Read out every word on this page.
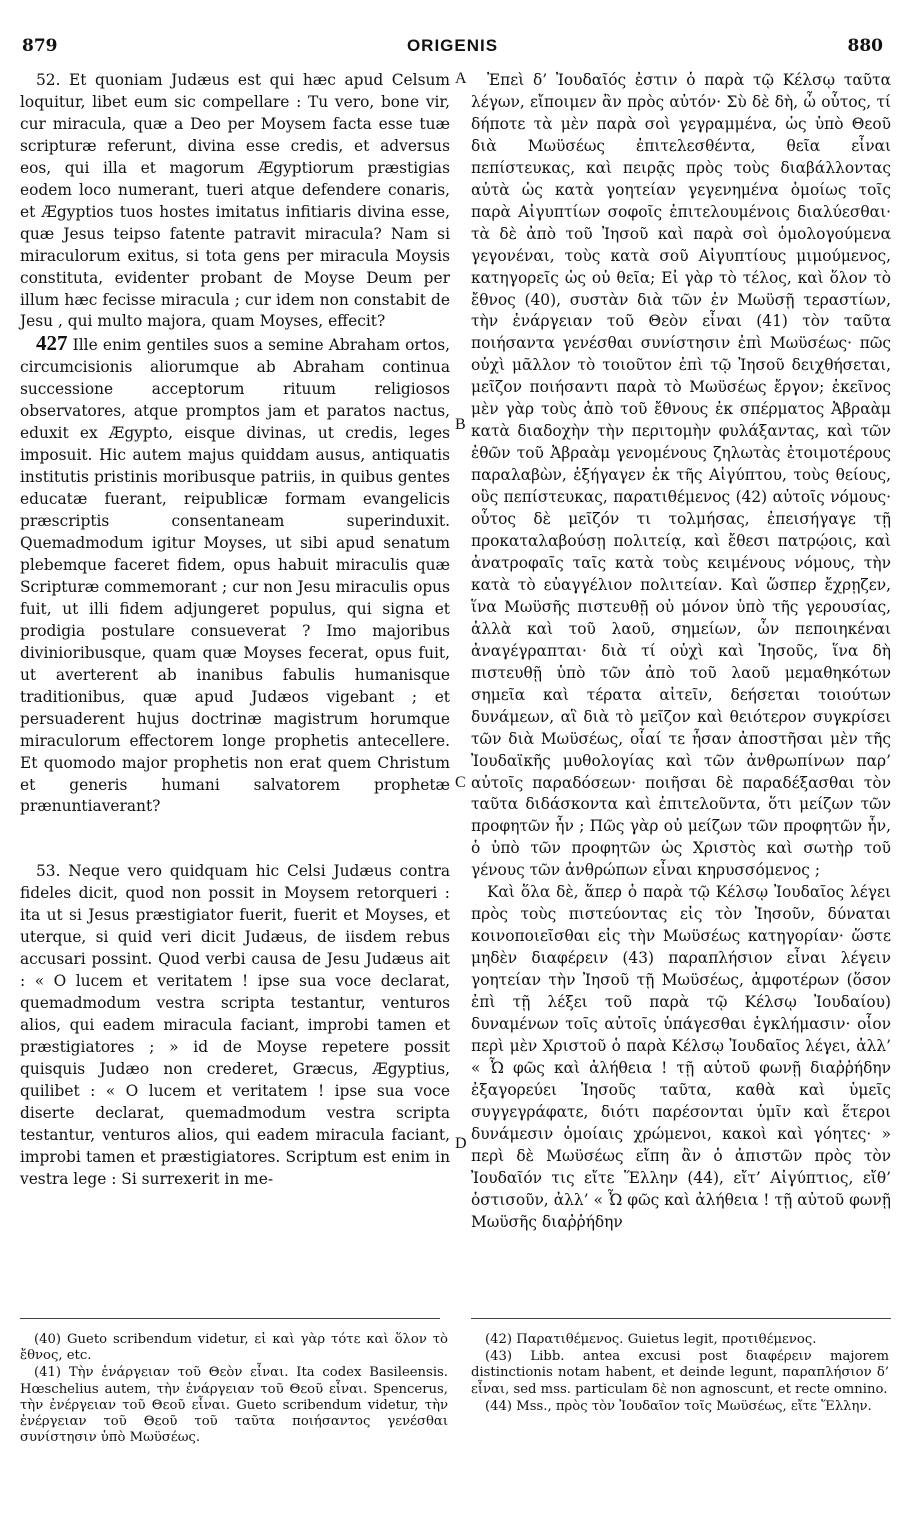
879	ORIGENIS	880

52. Et quoniam Judæus est qui hæc apud Celsum loquitur, libet eum sic compellare : Tu vero, bone vir, cur miracula, quæ a Deo per Moysem facta esse tuæ scripturæ referunt, divina esse credis, et adversus eos, qui illa et magorum Ægyptiorum præstigias eodem loco numerant, tueri atque defendere conaris, et Ægyptios tuos hostes imitatus infitiaris divina esse, quæ Jesus teipso fatente patravit miracula? Nam si miraculorum exitus, si tota gens per miracula Moysis constituta, evidenter probant de Moyse Deum per illum hæc fecisse miracula ; cur idem non constabit de Jesu , qui multo majora, quam Moyses, effecit?

427 Ille enim gentiles suos a semine Abraham ortos, circumcisionis aliorumque ab Abraham continua successione acceptorum rituum religiosos observatores, atque promptos jam et paratos nactus, eduxit ex Ægypto, eisque divinas, ut credis, leges imposuit. Hic autem majus quiddam ausus, antiquatis institutis pristinis moribusque patriis, in quibus gentes educatæ fuerant, reipublicæ formam evangelicis præscriptis consentaneam superinduxit. Quemadmodum igitur Moyses, ut sibi apud senatum plebemque faceret fidem, opus habuit miraculis quæ Scripturæ commemorant ; cur non Jesu miraculis opus fuit, ut illi fidem adjungeret populus, qui signa et prodigia postulare consueverat ? Imo majoribus divinioribusque, quam quæ Moyses fecerat, opus fuit, ut averterent ab inanibus fabulis humanisque traditionibus, quæ apud Judæos vigebant ; et persuaderent hujus doctrinæ magistrum horumque miraculorum effectorem longe prophetis antecellere. Et quomodo major prophetis non erat quem Christum et generis humani salvatorem prophetæ prænuntiaverant?

53. Neque vero quidquam hic Celsi Judæus contra fideles dicit, quod non possit in Moysem retorqueri : ita ut si Jesus præstigiator fuerit, fuerit et Moyses, et uterque, si quid veri dicit Judæus, de iisdem rebus accusari possint. Quod verbi causa de Jesu Judæus ait : « O lucem et veritatem ! ipse sua voce declarat, quemadmodum vestra scripta testantur, venturos alios, qui eadem miracula faciant, improbi tamen et præstigiatores ; » id de Moyse repetere possit quisquis Judæo non crederet, Græcus, Ægyptius, quilibet : « O lucem et veritatem ! ipse sua voce diserte declarat, quemadmodum vestra scripta testantur, venturos alios, qui eadem miracula faciant, improbi tamen et præstigiatores. Scriptum est enim in vestra lege : Si surrexerit in me-

A
B
C
D

Ἐπεὶ δ’ Ἰουδαῖός ἐστιν ὁ παρὰ τῷ Κέλσῳ ταῦτα λέγων, εἴποιμεν ἂν πρὸς αὐτόν· Σὺ δὲ δὴ, ὦ οὗτος, τί δήποτε τὰ μὲν παρὰ σοὶ γεγραμμένα, ὡς ὑπὸ Θεοῦ διὰ Μωϋσέως ἐπιτελεσθέντα, θεῖα εἶναι πεπίστευκας, καὶ πειρᾷς πρὸς τοὺς διαβάλλοντας αὐτὰ ὡς κατὰ γοητείαν γεγενημένα ὁμοίως τοῖς παρὰ Αἰγυπτίων σοφοῖς ἐπιτελουμένοις διαλύεσθαι· τὰ δὲ ἀπὸ τοῦ Ἰησοῦ καὶ παρὰ σοὶ ὁμολογούμενα γεγονέναι, τοὺς κατὰ σοῦ Αἰγυπτίους μιμούμενος, κατηγορεῖς ὡς οὐ θεῖα; Εἰ γὰρ τὸ τέλος, καὶ ὅλον τὸ ἔθνος (40), συστὰν διὰ τῶν ἐν Μωϋσῇ τεραστίων, τὴν ἐνάργειαν τοῦ Θεὸν εἶναι (41) τὸν ταῦτα ποιήσαντα γενέσθαι συνίστησιν ἐπὶ Μωϋσέως· πῶς οὐχὶ μᾶλλον τὸ τοιοῦτον ἐπὶ τῷ Ἰησοῦ δειχθήσεται, μεῖζον ποιήσαντι παρὰ τὸ Μωϋσέως ἔργον; ἐκεῖνος μὲν γὰρ τοὺς ἀπὸ τοῦ ἔθνους ἐκ σπέρματος Ἀβραὰμ κατὰ διαδοχὴν τὴν περιτομὴν φυλάξαντας, καὶ τῶν ἐθῶν τοῦ Ἀβραὰμ γενομένους ζηλωτὰς ἑτοιμοτέρους παραλαβὼν, ἐξήγαγεν ἐκ τῆς Αἰγύπτου, τοὺς θείους, οὓς πεπίστευκας, παρατιθέμενος (42) αὐτοῖς νόμους· οὗτος δὲ μεῖζόν τι τολμήσας, ἐπεισήγαγε τῇ προκαταλαβούσῃ πολιτείᾳ, καὶ ἔθεσι πατρῴοις, καὶ ἀνατροφαῖς ταῖς κατὰ τοὺς κειμένους νόμους, τὴν κατὰ τὸ εὐαγγέλιον πολιτείαν. Καὶ ὥσπερ ἔχρῃζεν, ἵνα Μωϋσῆς πιστευθῇ οὐ μόνον ὑπὸ τῆς γερουσίας, ἀλλὰ καὶ τοῦ λαοῦ, σημείων, ὧν πεποιηκέναι ἀναγέγραπται· διὰ τί οὐχὶ καὶ Ἰησοῦς, ἵνα δὴ πιστευθῇ ὑπὸ τῶν ἀπὸ τοῦ λαοῦ μεμαθηκότων σημεῖα καὶ τέρατα αἰτεῖν, δεήσεται τοιούτων δυνάμεων, αἳ διὰ τὸ μεῖζον καὶ θειότερον συγκρίσει τῶν διὰ Μωϋσέως, οἷαί τε ἦσαν ἀποστῆσαι μὲν τῆς Ἰουδαϊκῆς μυθολογίας καὶ τῶν ἀνθρωπίνων παρ’ αὐτοῖς παραδόσεων· ποιῆσαι δὲ παραδέξασθαι τὸν ταῦτα διδάσκοντα καὶ ἐπιτελοῦντα, ὅτι μείζων τῶν προφητῶν ἦν ; Πῶς γὰρ οὐ μείζων τῶν προφητῶν ἦν, ὁ ὑπὸ τῶν προφητῶν ὡς Χριστὸς καὶ σωτὴρ τοῦ γένους τῶν ἀνθρώπων εἶναι κηρυσσόμενος ;

Καὶ ὅλα δὲ, ἅπερ ὁ παρὰ τῷ Κέλσῳ Ἰουδαῖος λέγει πρὸς τοὺς πιστεύοντας εἰς τὸν Ἰησοῦν, δύναται κοινοποιεῖσθαι εἰς τὴν Μωϋσέως κατηγορίαν· ὥστε μηδὲν διαφέρειν (43) παραπλήσιον εἶναι λέγειν γοητείαν τὴν Ἰησοῦ τῇ Μωϋσέως, ἀμφοτέρων (ὅσον ἐπὶ τῇ λέξει τοῦ παρὰ τῷ Κέλσῳ Ἰουδαίου) δυναμένων τοῖς αὐτοῖς ὑπάγεσθαι ἐγκλήμασιν· οἷον περὶ μὲν Χριστοῦ ὁ παρὰ Κέλσῳ Ἰουδαῖος λέγει, ἀλλ’ « Ὦ φῶς καὶ ἀλήθεια ! τῇ αὐτοῦ φωνῇ διαῤῥήδην ἐξαγορεύει Ἰησοῦς ταῦτα, καθὰ καὶ ὑμεῖς συγγεγράφατε, διότι παρέσονται ὑμῖν καὶ ἕτεροι δυνάμεσιν ὁμοίαις χρώμενοι, κακοὶ καὶ γόητες· » περὶ δὲ Μωϋσέως εἴπη ἂν ὁ ἀπιστῶν πρὸς τὸν Ἰουδαῖόν τις εἴτε Ἕλλην (44), εἴτ’ Αἰγύπτιος, εἴθ’ ὁστισοῦν, ἀλλ’ « Ὦ φῶς καὶ ἀλήθεια ! τῇ αὐτοῦ φωνῇ Μωϋσῆς διαῤῥήδην

(40) Gueto scribendum videtur, εἰ καὶ γὰρ τότε καὶ ὅλον τὸ ἔθνος, etc.

(41) Τὴν ἐνάργειαν τοῦ Θεὸν εἶναι. Ita codex Basileensis. Hœschelius autem, τὴν ἐνάργειαν τοῦ Θεοῦ εἶναι. Spencerus, τὴν ἐνέργειαν τοῦ Θεοῦ εἶναι. Gueto scribendum videtur, τὴν ἐνέργειαν τοῦ Θεοῦ τοῦ ταῦτα ποιήσαντος γενέσθαι συνίστησιν ὑπὸ Μωϋσέως.

(42) Παρατιθέμενος. Guietus legit, προτιθέμενος.

(43) Libb. antea excusi post διαφέρειν majorem distinctionis notam habent, et deinde legunt, παραπλήσιον δ’ εἶναι, sed mss. particulam δὲ non agnoscunt, et recte omnino.

(44) Mss., πρὸς τὸν Ἰουδαῖον τοῖς Μωϋσέως, εἴτε Ἕλλην.
